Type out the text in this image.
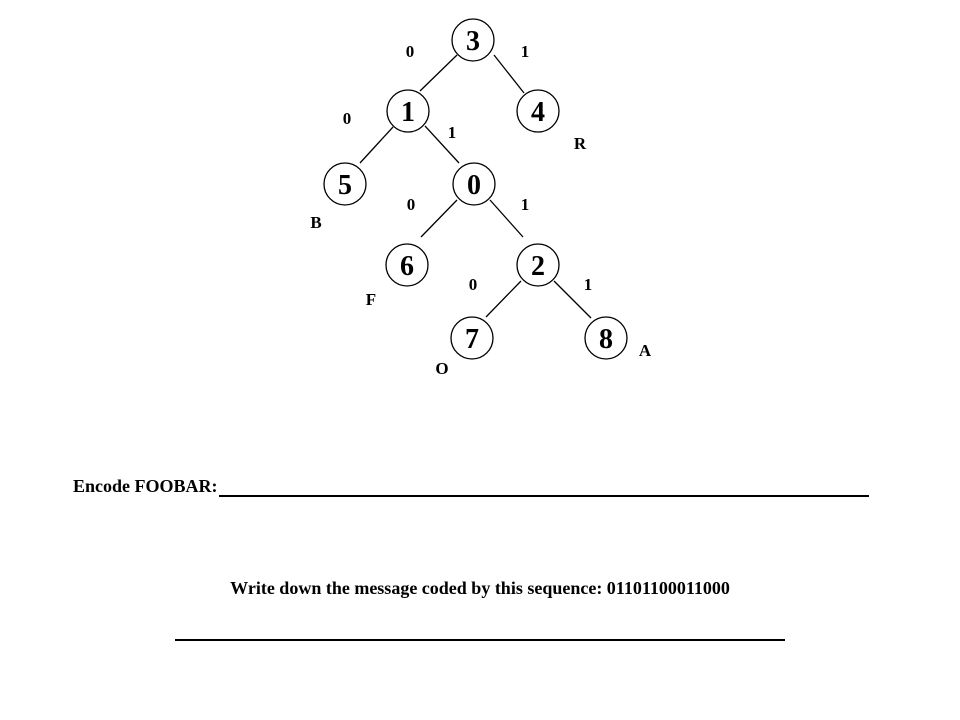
3
1	4
5	0
6	2
7	8
0	1
0
1
0	1
0	1
R
B
F
O
A
Encode FOOBAR:
Write down the message coded by this sequence: 01101100011000
